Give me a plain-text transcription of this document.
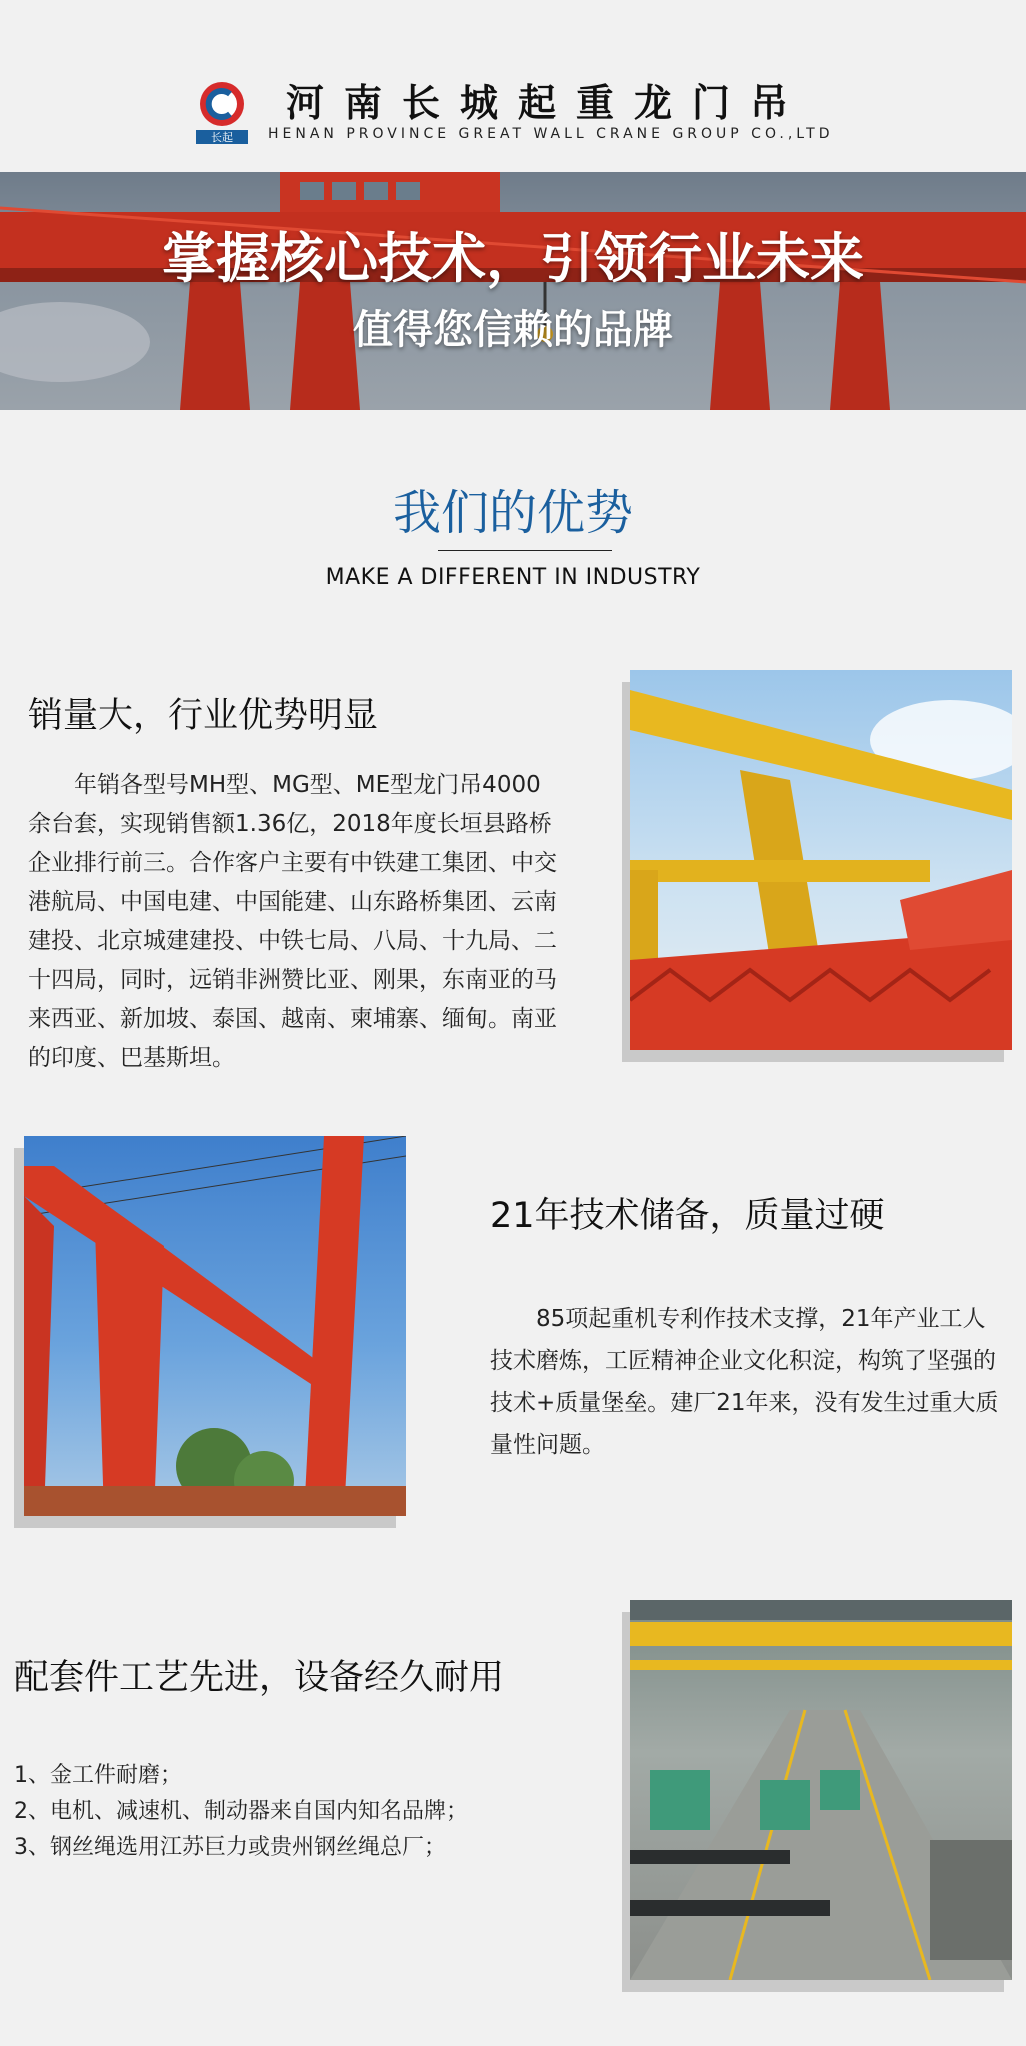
长起
河南长城起重龙门吊
HENAN PROVINCE GREAT WALL CRANE GROUP CO.,LTD
掌握核心技术，引领行业未来
值得您信赖的品牌
我们的优势
MAKE A DIFFERENT IN INDUSTRY
销量大，行业优势明显
年销各型号MH型、MG型、ME型龙门吊4000余台套，实现销售额1.36亿，2018年度长垣县路桥企业排行前三。合作客户主要有中铁建工集团、中交港航局、中国电建、中国能建、山东路桥集团、云南建投、北京城建建投、中铁七局、八局、十九局、二十四局，同时，远销非洲赞比亚、刚果，东南亚的马来西亚、新加坡、泰国、越南、柬埔寨、缅甸。南亚的印度、巴基斯坦。
21年技术储备，质量过硬
85项起重机专利作技术支撑，21年产业工人技术磨炼，工匠精神企业文化积淀，构筑了坚强的技术+质量堡垒。建厂21年来，没有发生过重大质量性问题。
配套件工艺先进，设备经久耐用
1、金工件耐磨；
2、电机、减速机、制动器来自国内知名品牌；
3、钢丝绳选用江苏巨力或贵州钢丝绳总厂；
